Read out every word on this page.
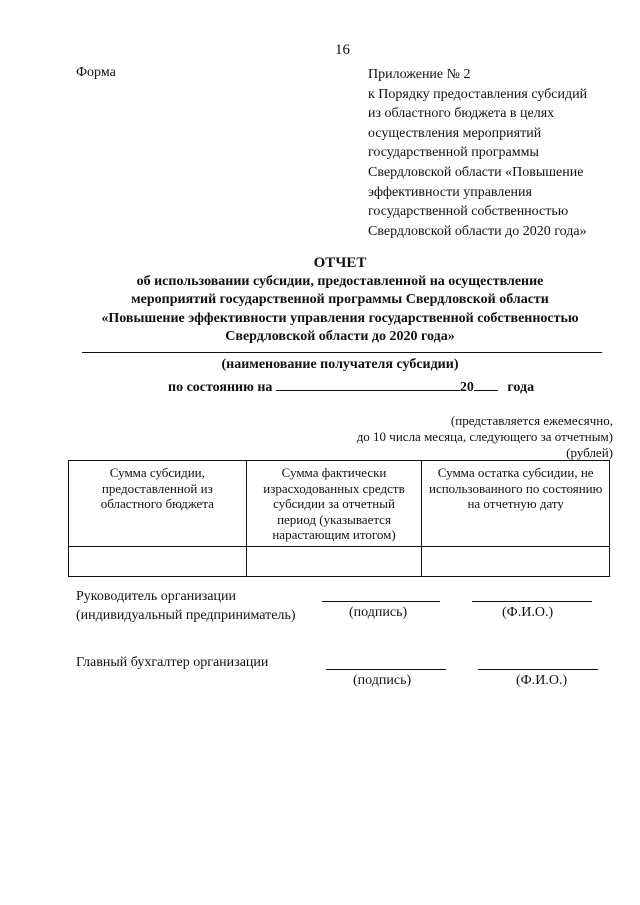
16
Форма	Приложение № 2
к Порядку предоставления субсидий
из областного бюджета в целях
осуществления мероприятий
государственной программы
Свердловской области «Повышение
эффективности управления
государственной собственностью
Свердловской области до 2020 года»
ОТЧЕТ
об использовании субсидии, предоставленной на осуществление
мероприятий государственной программы Свердловской области
«Повышение эффективности управления государственной собственностью
Свердловской области до 2020 года»
(наименование получателя субсидии)
по состоянию на	20 года
(представляется ежемесячно,
до 10 числа месяца, следующего за отчетным)
(рублей)
Сумма субсидии, предоставленной из областного бюджета	Сумма фактически израсходованных средств субсидии за отчетный период (указывается нарастающим итогом)	Сумма остатка субсидии, не использованного по состоянию на отчетную дату

Руководитель организации
(индивидуальный предприниматель)	(подпись)	(Ф.И.О.)
Главный бухгалтер организации
(подпись)	(Ф.И.О.)
